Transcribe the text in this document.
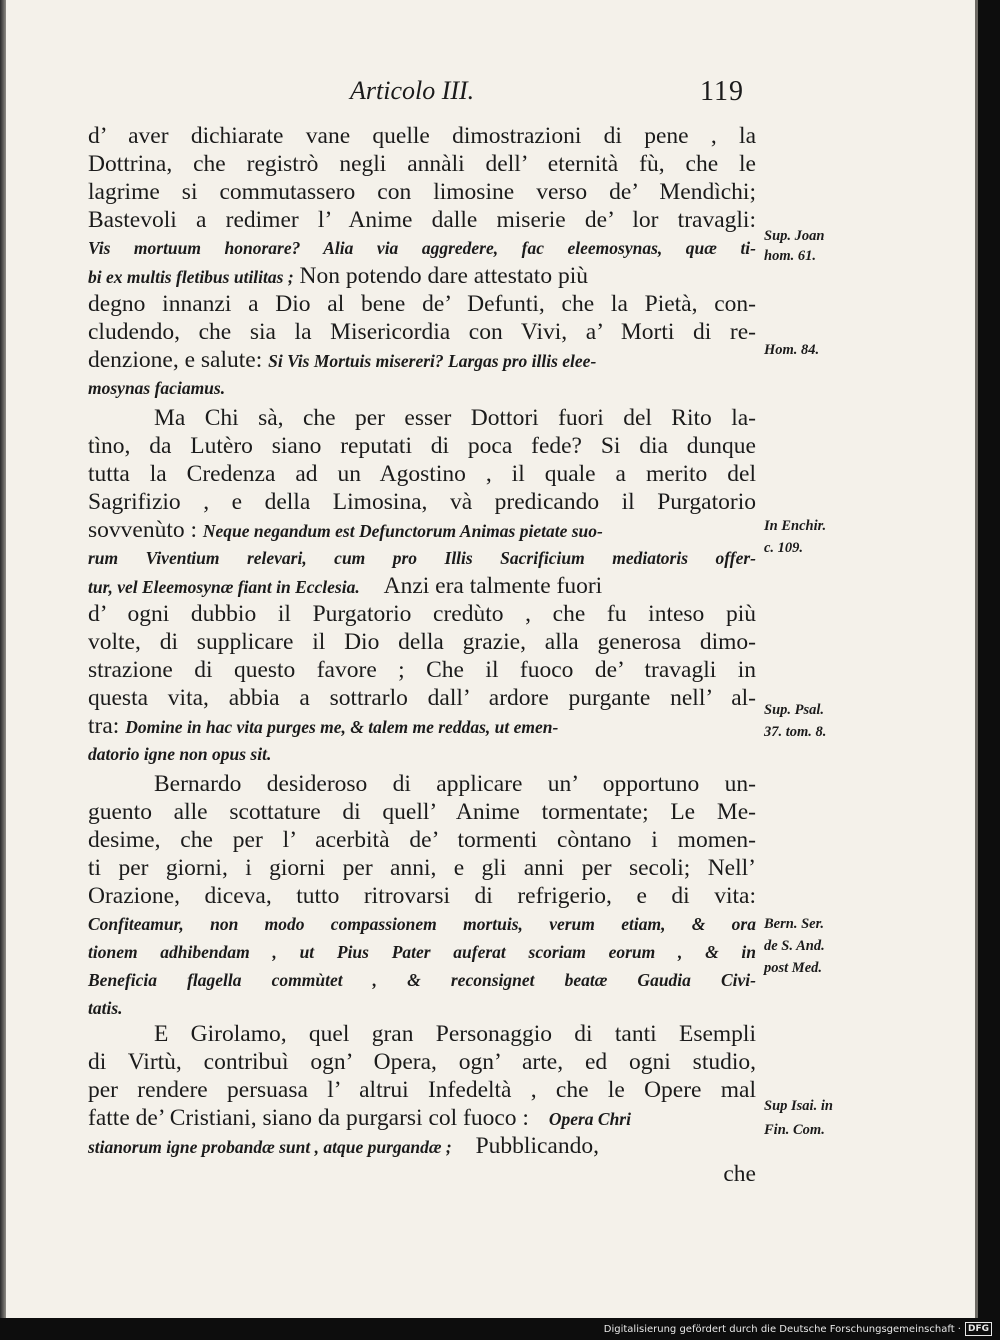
Articolo III.	119
d’ aver dichiarate vane quelle dimostrazioni di pene , la
Dottrina, che registrò negli annàli dell’ eternità fù, che le
lagrime si commutassero con limosine verso de’ Mendìchi;
Bastevoli a redimer l’ Anime dalle miserie de’ lor travagli:
Vis mortuum honorare? Alia via aggredere, fac eleemosynas, quæ ti-
bi ex multis fletibus utilitas ; Non potendo dare attestato più
degno innanzi a Dio al bene de’ Defunti, che la Pietà, con-
cludendo, che sia la Misericordia con Vivi, a’ Morti di re-
denzione, e salute: Si Vis Mortuis misereri? Largas pro illis elee-
mosynas faciamus.
Ma Chi sà, che per esser Dottori fuori del Rito la-
tìno, da Lutèro siano reputati di poca fede? Si dia dunque
tutta la Credenza ad un Agostino , il quale a merito del
Sagrifizio , e della Limosina, và predicando il Purgatorio
sovvenùto : Neque negandum est Defunctorum Animas pietate suo-
rum Viventium relevari, cum pro Illis Sacrificium mediatoris offer-
tur, vel Eleemosynæ fiant in Ecclesia. Anzi era talmente fuori
d’ ogni dubbio il Purgatorio credùto , che fu inteso più
volte, di supplicare il Dio della grazie, alla generosa dimo-
strazione di questo favore ; Che il fuoco de’ travagli in
questa vita, abbia a sottrarlo dall’ ardore purgante nell’ al-
tra: Domine in hac vita purges me, & talem me reddas, ut emen-
datorio igne non opus sit.
Bernardo desideroso di applicare un’ opportuno un-
guento alle scottature di quell’ Anime tormentate; Le Me-
desime, che per l’ acerbità de’ tormenti còntano i momen-
ti per giorni, i giorni per anni, e gli anni per secoli; Nell’
Orazione, diceva, tutto ritrovarsi di refrigerio, e di vita:
Confiteamur, non modo compassionem mortuis, verum etiam, & ora
tionem adhibendam , ut Pius Pater auferat scoriam eorum , & in
Beneficia flagella commùtet , & reconsignet beatæ Gaudia Civi-
tatis.
E Girolamo, quel gran Personaggio di tanti Esempli
di Virtù, contribuì ogn’ Opera, ogn’ arte, ed ogni studio,
per rendere persuasa l’ altrui Infedeltà , che le Opere mal
fatte de’ Cristiani, siano da purgarsi col fuoco : Opera Chri
stianorum igne probandæ sunt , atque purgandæ ; Pubblicando,
che
Sup. Joan
hom. 61.
Hom. 84.
In Enchir.
c. 109.
Sup. Psal.
37. tom. 8.
Bern. Ser.
de S. And.
post Med.
Sup Isai. in
Fin. Com.
Digitalisierung gefördert durch die Deutsche Forschungsgemeinschaft · DFG
